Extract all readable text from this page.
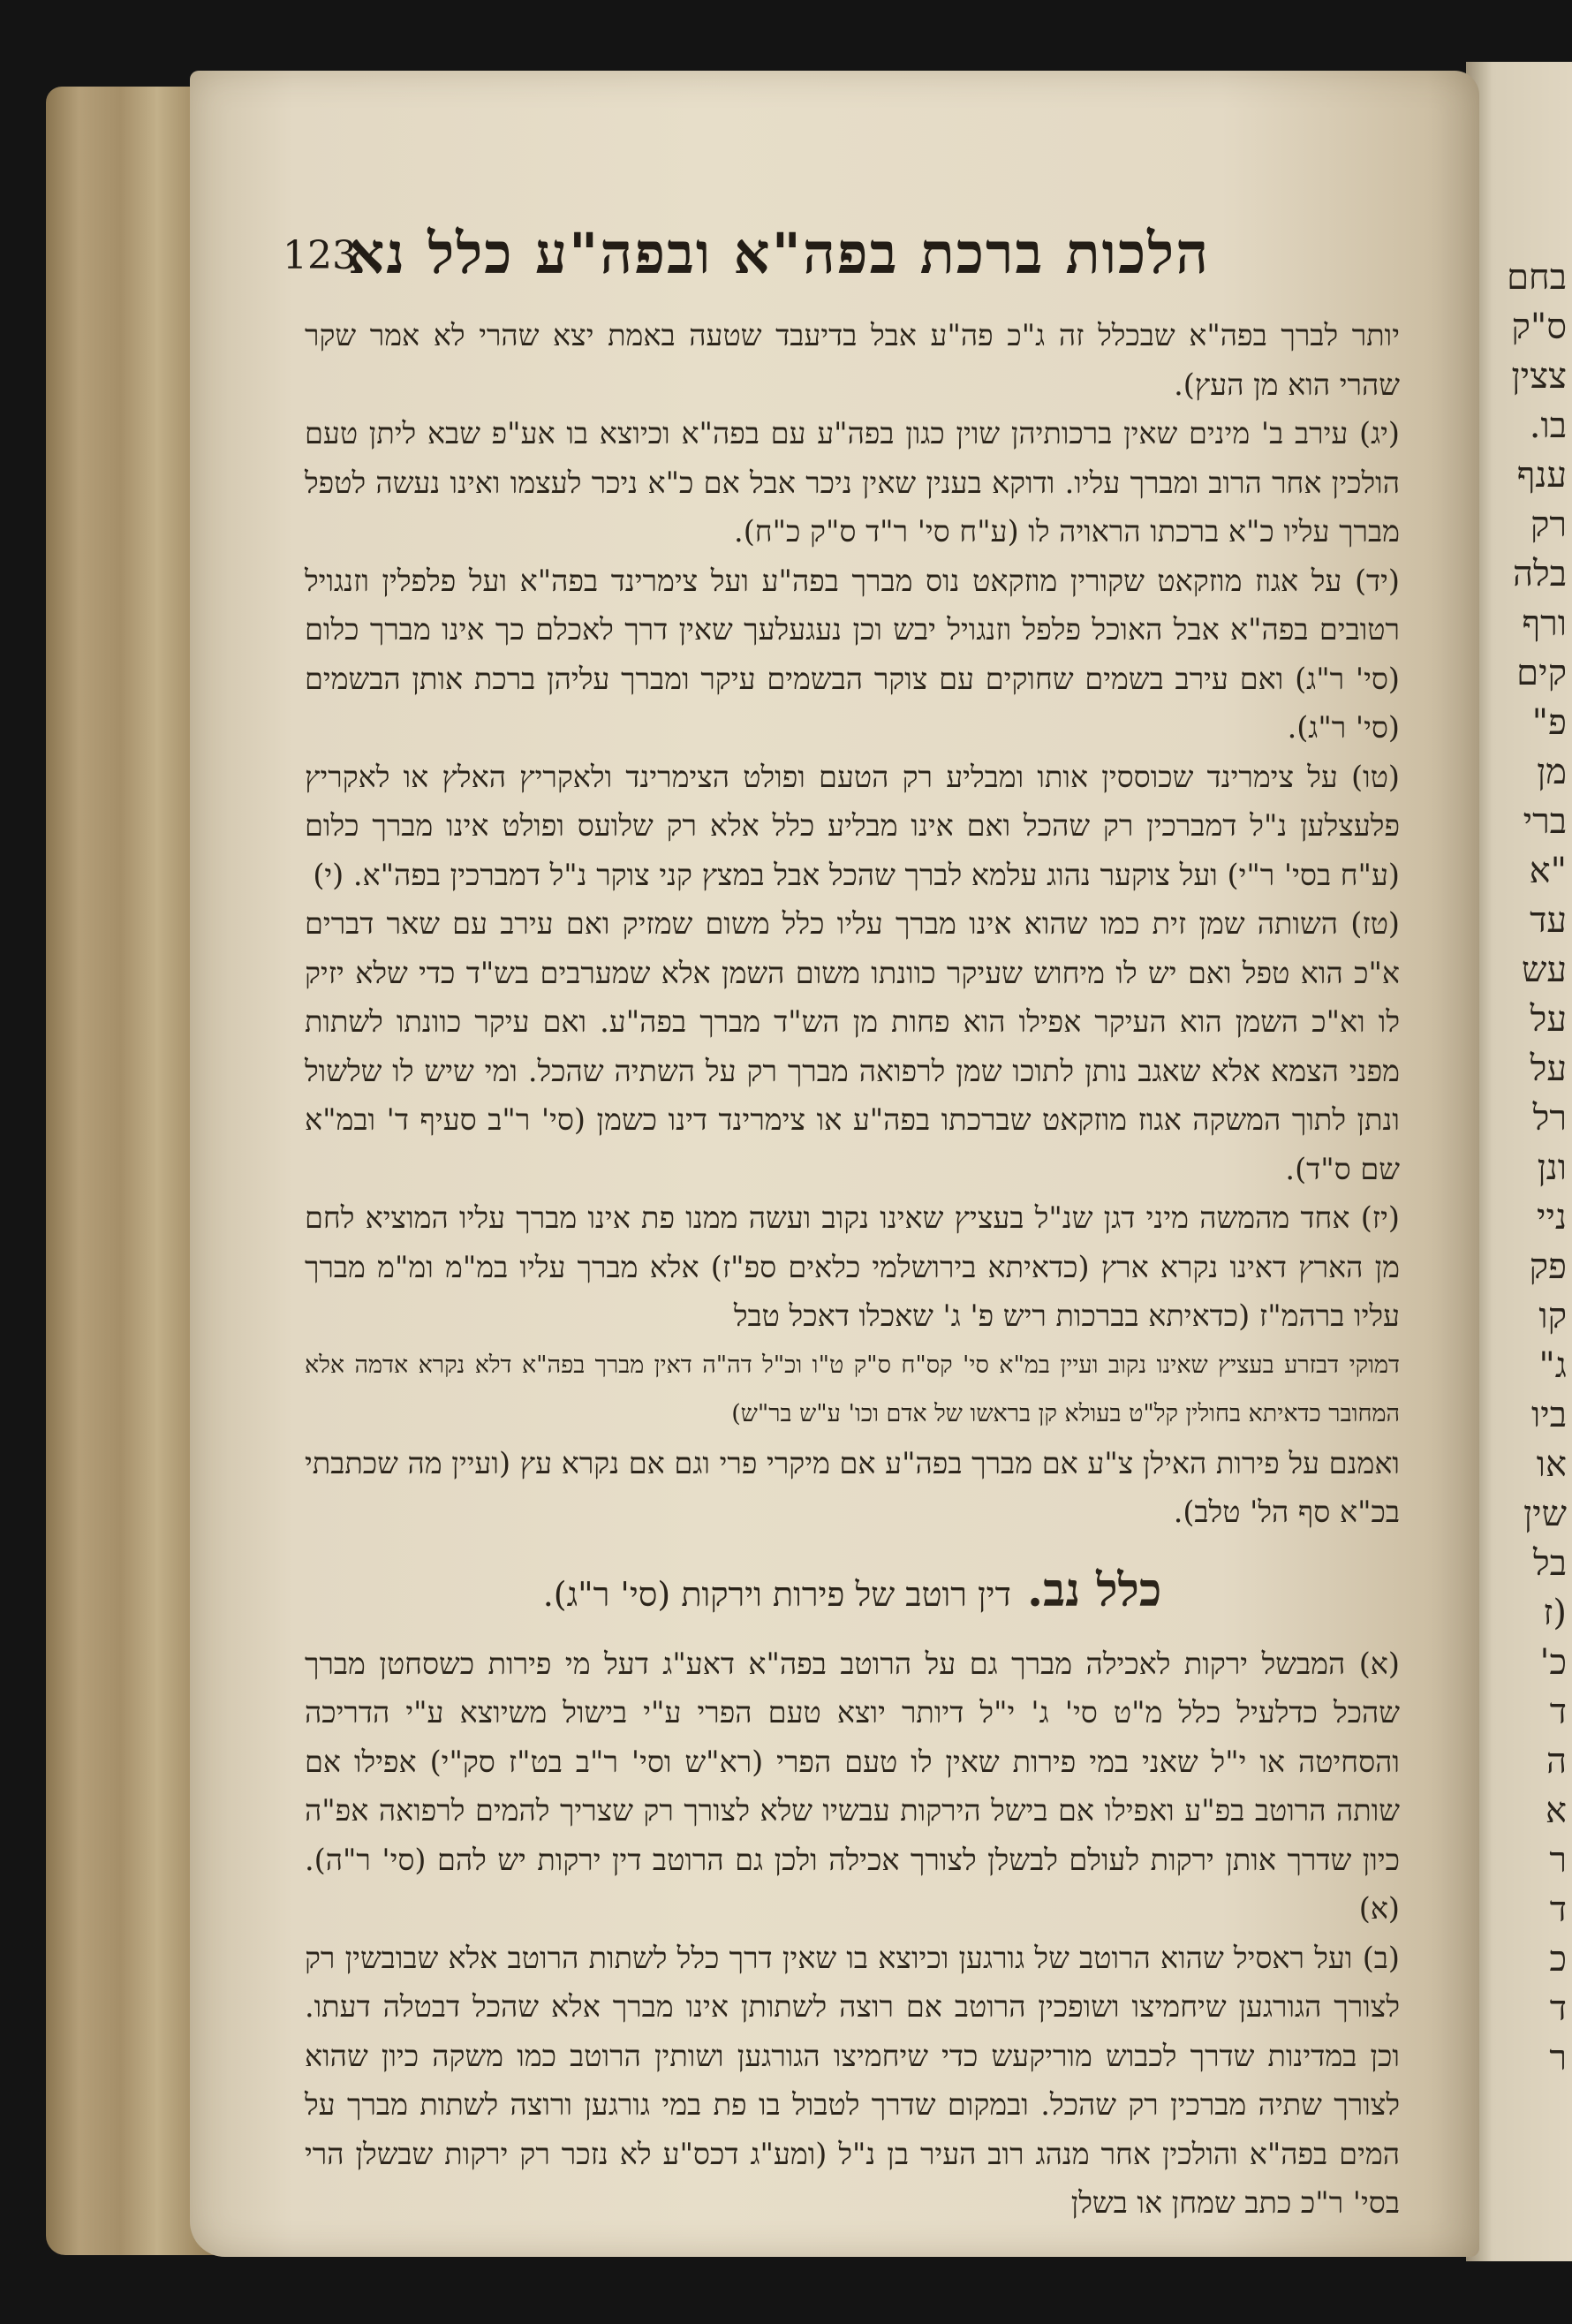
בחם
ס"ק
צצין
בו.
ענף
רק
בלה
ורף
קים
פ"
מן
ברי
"א
עד
עש
על
על
רל
ונן
ניי
פק
קו
ג"
ביו
או
שין
בל
(ז
כ'
ד
ה
א
ר
ד
כ
ד
ר
123
הלכות ברכת בפה"א ובפה"ע כלל נא

יותר לברך בפה"א שבכלל זה ג"כ פה"ע אבל בדיעבד שטעה באמת יצא שהרי לא אמר שקר שהרי הוא מן העץ).

(יג) עירב ב' מינים שאין ברכותיהן שוין כגון בפה"ע עם בפה"א וכיוצא בו אע"פ שבא ליתן טעם הולכין אחר הרוב ומברך עליו. ודוקא בענין שאין ניכר אבל אם כ"א ניכר לעצמו ואינו נעשה לטפל מברך עליו כ"א ברכתו הראויה לו (ע"ח סי' ר"ד ס"ק כ"ח).

(יד) על אגוז מוזקאט שקורין מוזקאט נוס מברך בפה"ע ועל צימרינד בפה"א ועל פלפלין וזנגויל רטובים בפה"א אבל האוכל פלפל וזנגויל יבש וכן נעגעלעך שאין דרך לאכלם כך אינו מברך כלום (סי' ר"ג) ואם עירב בשמים שחוקים עם צוקר הבשמים עיקר ומברך עליהן ברכת אותן הבשמים (סי' ר"ג).

(טו) על צימרינד שכוססין אותו ומבליע רק הטעם ופולט הצימרינד ולאקריץ האלץ או לאקריץ פלעצלען נ"ל דמברכין רק שהכל ואם אינו מבליע כלל אלא רק שלועס ופולט אינו מברך כלום (ע"ח בסי' ר"י) ועל צוקער נהוג עלמא לברך שהכל אבל במצץ קני צוקר נ"ל דמברכין בפה"א. (י)

(טז) השותה שמן זית כמו שהוא אינו מברך עליו כלל משום שמזיק ואם עירב עם שאר דברים א"כ הוא טפל ואם יש לו מיחוש שעיקר כוונתו משום השמן אלא שמערבים בש"ד כדי שלא יזיק לו וא"כ השמן הוא העיקר אפילו הוא פחות מן הש"ד מברך בפה"ע. ואם עיקר כוונתו לשתות מפני הצמא אלא שאגב נותן לתוכו שמן לרפואה מברך רק על השתיה שהכל. ומי שיש לו שלשול ונתן לתוך המשקה אגוז מוזקאט שברכתו בפה"ע או צימרינד דינו כשמן (סי' ר"ב סעיף ד' ובמ"א שם ס"ד).

(יז) אחד מהמשה מיני דגן שנ"ל בעציץ שאינו נקוב ועשה ממנו פת אינו מברך עליו המוציא לחם מן הארץ דאינו נקרא ארץ (כדאיתא בירושלמי כלאים ספ"ז) אלא מברך עליו במ"מ ומ"מ מברך עליו ברהמ"ז (כדאיתא בברכות ריש פ' ג' שאכלו דאכל טבל

דמוקי דבזרע בעציץ שאינו נקוב ועיין במ"א סי' קס"ח ס"ק ט"ו וכ"ל דה"ה דאין מברך בפה"א דלא נקרא אדמה אלא המחובר כדאיתא בחולין קל"ט בעולא קן בראשו של אדם וכו' ע"ש בר"ש)

ואמנם על פירות האילן צ"ע אם מברך בפה"ע אם מיקרי פרי וגם אם נקרא עץ (ועיין מה שכתבתי בכ"א סף הל' טלב).

כלל נב. דין רוטב של פירות וירקות (סי' ר"ג).

(א) המבשל ירקות לאכילה מברך גם על הרוטב בפה"א דאע"ג דעל מי פירות כשסחטן מברך שהכל כדלעיל כלל מ"ט סי' ג' י"ל דיותר יוצא טעם הפרי ע"י בישול משיוצא ע"י הדריכה והסחיטה או י"ל שאני במי פירות שאין לו טעם הפרי (רא"ש וסי' ר"ב בט"ז סק"י) אפילו אם שותה הרוטב בפ"ע ואפילו אם בישל הירקות עבשיו שלא לצורך רק שצריך להמים לרפואה אפ"ה כיון שדרך אותן ירקות לעולם לבשלן לצורך אכילה ולכן גם הרוטב דין ירקות יש להם (סי' ר"ה). (א)

(ב) ועל ראסיל שהוא הרוטב של גורגען וכיוצא בו שאין דרך כלל לשתות הרוטב אלא שבובשין רק לצורך הגורגען שיחמיצו ושופכין הרוטב אם רוצה לשתותן אינו מברך אלא שהכל דבטלה דעתו. וכן במדינות שדרך לכבוש מוריקעש כדי שיחמיצו הגורגען ושותין הרוטב כמו משקה כיון שהוא לצורך שתיה מברכין רק שהכל. ובמקום שדרך לטבול בו פת במי גורגען ורוצה לשתות מברך על המים בפה"א והולכין אחר מנהג רוב העיר בן נ"ל (ומע"ג דכס"ע לא נזכר רק ירקות שבשלן הרי בסי' ר"כ כתב שמחן או בשלן
